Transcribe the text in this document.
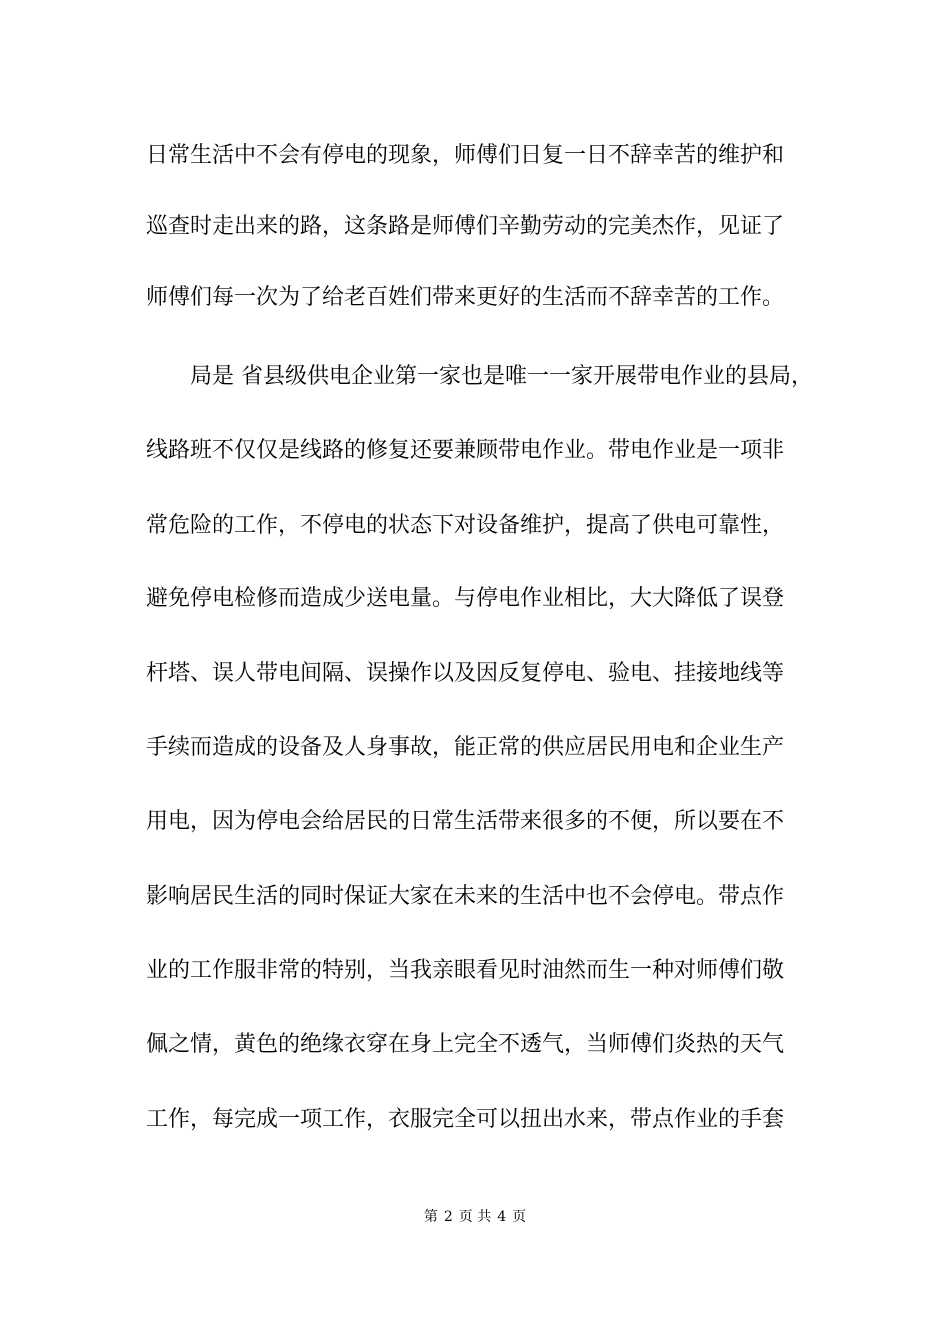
日常生活中不会有停电的现象，师傅们日复一日不辞幸苦的维护和
巡查时走出来的路，这条路是师傅们辛勤劳动的完美杰作，见证了
师傅们每一次为了给老百姓们带来更好的生活而不辞幸苦的工作。
局是 省县级供电企业第一家也是唯一一家开展带电作业的县局，
线路班不仅仅是线路的修复还要兼顾带电作业。带电作业是一项非
常危险的工作，不停电的状态下对设备维护，提高了供电可靠性，
避免停电检修而造成少送电量。与停电作业相比，大大降低了误登
杆塔、误人带电间隔、误操作以及因反复停电、验电、挂接地线等
手续而造成的设备及人身事故，能正常的供应居民用电和企业生产
用电，因为停电会给居民的日常生活带来很多的不便，所以要在不
影响居民生活的同时保证大家在未来的生活中也不会停电。带点作
业的工作服非常的特别，当我亲眼看见时油然而生一种对师傅们敬
佩之情，黄色的绝缘衣穿在身上完全不透气，当师傅们炎热的天气
工作，每完成一项工作，衣服完全可以扭出水来，带点作业的手套
第 2 页 共 4 页
